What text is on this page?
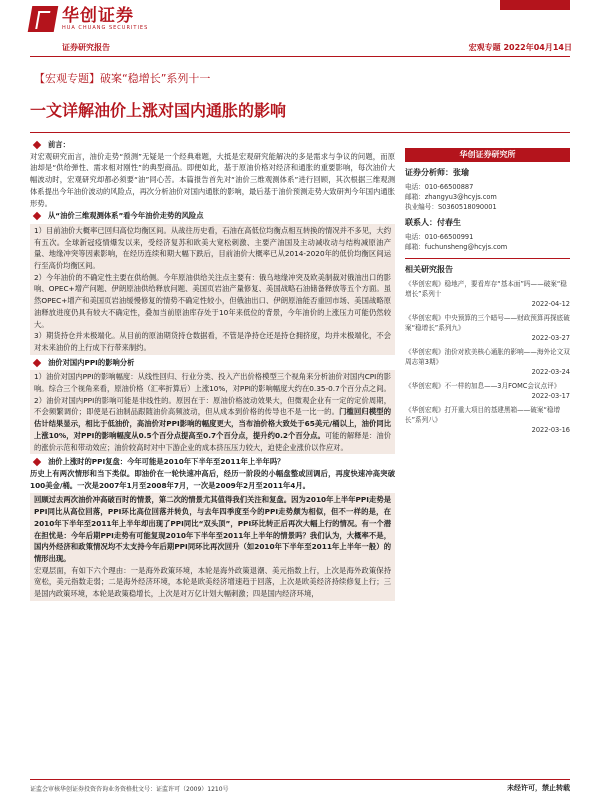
华创证券
HUA CHUANG SECURITIES
证券研究报告	宏观专题 2022年04月14日
【宏观专题】破案“稳增长”系列十一
一文详解油价上涨对国内通胀的影响
前言：

对宏观研究而言，油价走势“预测”无疑是一个经典难题，大抵是宏观研究能解决的多是需求与争议的问题，而原油却是“供给弹性、需求相对刚性”的典型商品。即便如此，基于原油价格对经济和通胀的重要影响，每次油价大幅波动时，宏观研究却都必须要“油”同心苦。本篇报告首先对“油价三维观测体系”进行回顾，其次根据三维观测体系提出今年油价波动的风险点，再次分析油价对国内通胀的影响，最后基于油价预测走势大致研判今年国内通胀形势。

从“油价三维观测体系”看今年油价走势的风险点

1）目前油价大概率已回归高位均衡区间。从战往历史看，石油在高低位均衡点相互转换的情况并不多见，大约有五次。全球新冠疫情爆发以来，受经济复苏和欧美大宽松刺激、主要产油国及主动减收动与结构减原油产量、地缘冲突等因素影响，在经历连续和期大幅下跌后，目前油价大概率已从2014-2020年的低价均衡区间运行至高价均衡区间。

2）今年油价的不确定性主要在供给侧。今年原油供给关注点主要有：俄乌地缘冲突及欧美制裁对俄油出口的影响、OPEC+增产问题、伊朗原油供给释放问题、美国页岩油产量修复、美国战略石油储备释放等五个方面。虽然OPEC+增产和美国页岩油缓慢修复的情势不确定性较小，但俄油出口、伊朗原油能否重回市场、美国战略原油释放进度仍具有较大不确定性，叠加当前原油库存处于10年来低位的背景，今年油价的上涨压力可能仍然较大。

3）期货持仓并未极端化。从目前的原油期货持仓数据看，不管是净持仓还是持仓拥挤度，均并未极端化，不会对未来油价的上行成下行带来制约。

油价对国内PPI的影响分析

1）油价对国内PPI的影响幅度：从线性回归、行业分类、投入产出价格模型三个视角来分析油价对国内CPI的影响。综合三个视角来看，原油价格（汇率折算后）上涨10%，对PPI的影响幅度大约在0.35-0.7个百分点之间。

2）油价对国内PPI的影响可能是非线性的。原因在于：原油价格波动效果大，但微观企业有一定的定价周期，不会频繁调价；即使是石油制品跟随油价高频波动，但从成本到价格的传导也不是一比一的。门槛回归模型的估计结果显示，相比于低油价，高油价对PPI影响的幅度更大，当布油价格大致处于65美元/桶以上，油价同比上涨10%，对PPI的影响幅度从0.5个百分点提高至0.7个百分点，提升约0.2个百分点。可能的解释是：油价的涨价示范和带动效应；油价较高时对中下游企业的成本挤压压力较大，迫使企业涨价以作应对。

油价上涨时的PPI复盘：今年可能是2010年下半年至2011年上半年吗？

历史上有两次情形和当下类似。即油价在一轮快速冲高后，经历一阶段的小幅盘整或回调后，再度快速冲高突破100美金/桶。一次是2007年1月至2008年7月，一次是2009年2月至2011年4月。

回顾过去两次油价冲高破百时的情景，第二次的情景尤其值得我们关注和复盘。因为2010年上半年PPI走势是PPI同比从高位回落，PPI环比高位回落并转负，与去年四季度至今的PPI走势颇为相似，但不一样的是，在2010年下半年至2011年上半年却出现了PPI同比“双头顶”，PPI环比转正后再次大幅上行的情况。有一个潜在担忧是：今年后期PPI走势有可能复现2010年下半年至2011年上半年的情景吗？我们认为，大概率不是，国内外经济和政策情况均不太支持今年后期PPI同环比再次回升（如2010年下半年至2011年上半年一般）的情形出现。

宏观层面，有如下六个理由：一是海外政策环境，本轮是海外政策退潮、美元指数上行，上次是海外政策保持宽松，美元指数走弱；二是海外经济环境，本轮是欧美经济增速趋于回落，上次是欧美经济持续修复上行；三是国内政策环境，本轮是政策稳增长，上次是对万亿计划大幅刺激；四是国内经济环境，

华创证券研究所
证券分析师：张瑜
电话：010-66500887
邮箱：zhangyu3@hcyjs.com
执业编号：S0360518090001
联系人：付春生
电话：010-66500991
邮箱：fuchunsheng@hcyjs.com
相关研究报告
《华创宏观》稳地产，要看库存“基本面”吗——破案“稳增长”系列十
2022-04-12
《华创宏观》中央预算的三个暗号——财政预算再探底破案“稳增长”系列九》
2022-03-27
《华创宏观》油价对欧美核心通胀的影响——海外论文双周志第3期》
2022-03-24
《华创宏观》不一样的加息——3月FOMC会议点评》
2022-03-17
《华创宏观》打开重大项目的基建黑箱——破案“稳增长”系列八》
2022-03-16
证监会审核华创证券投资咨询业务资格批文号：证监许可（2009）1210号	未经许可，禁止转载
